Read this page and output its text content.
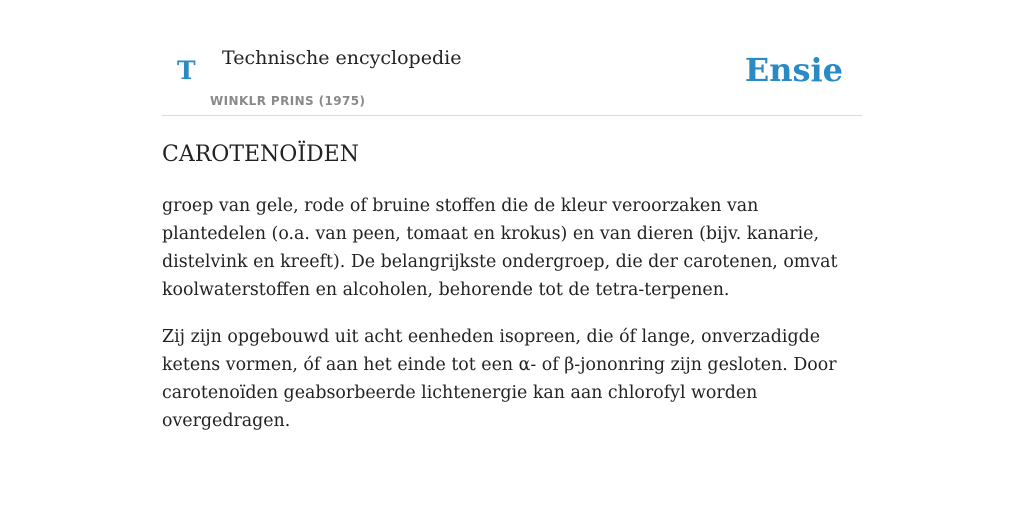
T Technische encyclopedie
WINKLR PRINS (1975)
Ensie
CAROTENOÏDEN

groep van gele, rode of bruine stoffen die de kleur veroorzaken van plantedelen (o.a. van peen, tomaat en krokus) en van dieren (bijv. kanarie, distelvink en kreeft). De belangrijkste ondergroep, die der carotenen, omvat koolwaterstoffen en alcoholen, behorende tot de tetra-terpenen.

Zij zijn opgebouwd uit acht eenheden isopreen, die óf lange, onverzadigde ketens vormen, óf aan het einde tot een α- of β-jononring zijn gesloten. Door carotenoïden geabsorbeerde lichtenergie kan aan chlorofyl worden overgedragen.
